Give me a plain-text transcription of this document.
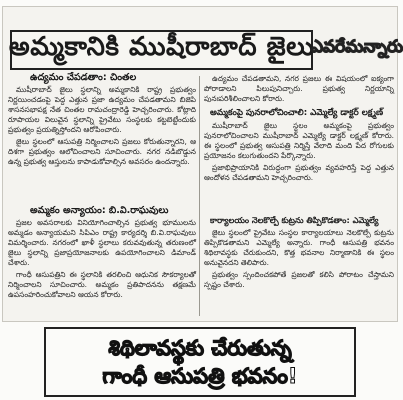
అమ్మకానికి ముషీరాబాద్ జైలు
ఎవరేమన్నారు
ఉద్యమం చేపడతాం: చింతల

ముషీరాబాద్ జైలు స్థలాన్ని అమ్మకానికి రాష్ట్ర ప్రభుత్వం నిర్ణయించడంపై పెద్ద ఎత్తున ప్రజా ఉద్యమం చేపడతామని బిజెపి శాసనసభాపక్ష నేత చింతల రామచంద్రారెడ్డి హెచ్చరించారు. కోట్లాది రూపాయల విలువైన స్థలాన్ని ప్రైవేటు సంస్థలకు కట్టబెట్టేందుకు ప్రభుత్వం ప్రయత్నిస్తోందని ఆరోపించారు.

జైలు స్థలంలో ఆసుపత్రి నిర్మించాలని ప్రజలు కోరుతున్నారని, ఆ దిశగా ప్రభుత్వం ఆలోచించాలని సూచించారు. నగర నడిబొడ్డున ఉన్న ప్రభుత్వ ఆస్తులను కాపాడుకోవాల్సిన అవసరం ఉందన్నారు.

అమ్మకం అన్యాయం: బి.వి.రాఘవులు

ప్రజల అవసరాలకు వినియోగించాల్సిన ప్రభుత్వ భూములను అమ్మడం అన్యాయమని సిపిఎం రాష్ట్ర కార్యదర్శి బి.వి.రాఘవులు విమర్శించారు. నగరంలో ఖాళీ స్థలాలు కరువవుతున్న తరుణంలో జైలు స్థలాన్ని ప్రజాప్రయోజనాలకు ఉపయోగించాలని డిమాండ్ చేశారు.

గాంధీ ఆసుపత్రిని ఈ స్థలానికి తరలించి ఆధునిక సౌకర్యాలతో నిర్మించాలని సూచించారు. అమ్మకం ప్రతిపాదనను తక్షణమే ఉపసంహరించుకోవాలని ఆయన కోరారు.

ఉద్యమం చేపడతామని, నగర ప్రజలు ఈ విషయంలో ఐక్యంగా పోరాడాలని పిలుపునిచ్చారు. ప్రభుత్వ నిర్ణయాన్ని పునఃపరిశీలించాలని కోరారు.

అమ్మకంపై పునరాలోచించాలి: ఎమ్మెల్యే డాక్టర్ లక్ష్మణ్

ముషీరాబాద్ జైలు స్థలం అమ్మకంపై ప్రభుత్వం పునరాలోచించాలని ముషీరాబాద్ ఎమ్మెల్యే డాక్టర్ లక్ష్మణ్ కోరారు. ఈ స్థలంలో ప్రభుత్వ ఆసుపత్రి నిర్మిస్తే వేలాది మంది పేద రోగులకు ప్రయోజనం కలుగుతుందని పేర్కొన్నారు.

ప్రజాభిప్రాయానికి విరుద్ధంగా ప్రభుత్వం వ్యవహరిస్తే పెద్ద ఎత్తున ఆందోళన చేపడతామని హెచ్చరించారు.

కార్యాలయం నెలకొల్పే కుట్రను తిప్పికొడతాం: ఎమ్మెల్యే

జైలు స్థలంలో ప్రైవేటు సంస్థల కార్యాలయాలు నెలకొల్పే కుట్రను తిప్పికొడతామని ఎమ్మెల్యే అన్నారు. గాంధీ ఆసుపత్రి భవనం శిథిలావస్థకు చేరుకుందని, కొత్త భవనాల నిర్మాణానికి ఈ స్థలం అనువైనదని తెలిపారు.

ప్రభుత్వం స్పందించకపోతే ప్రజలతో కలిసి పోరాటం చేస్తామని స్పష్టం చేశారు.

శిథిలావస్థకు చేరుతున్న
గాంధీ ఆసుపత్రి భవనం!
